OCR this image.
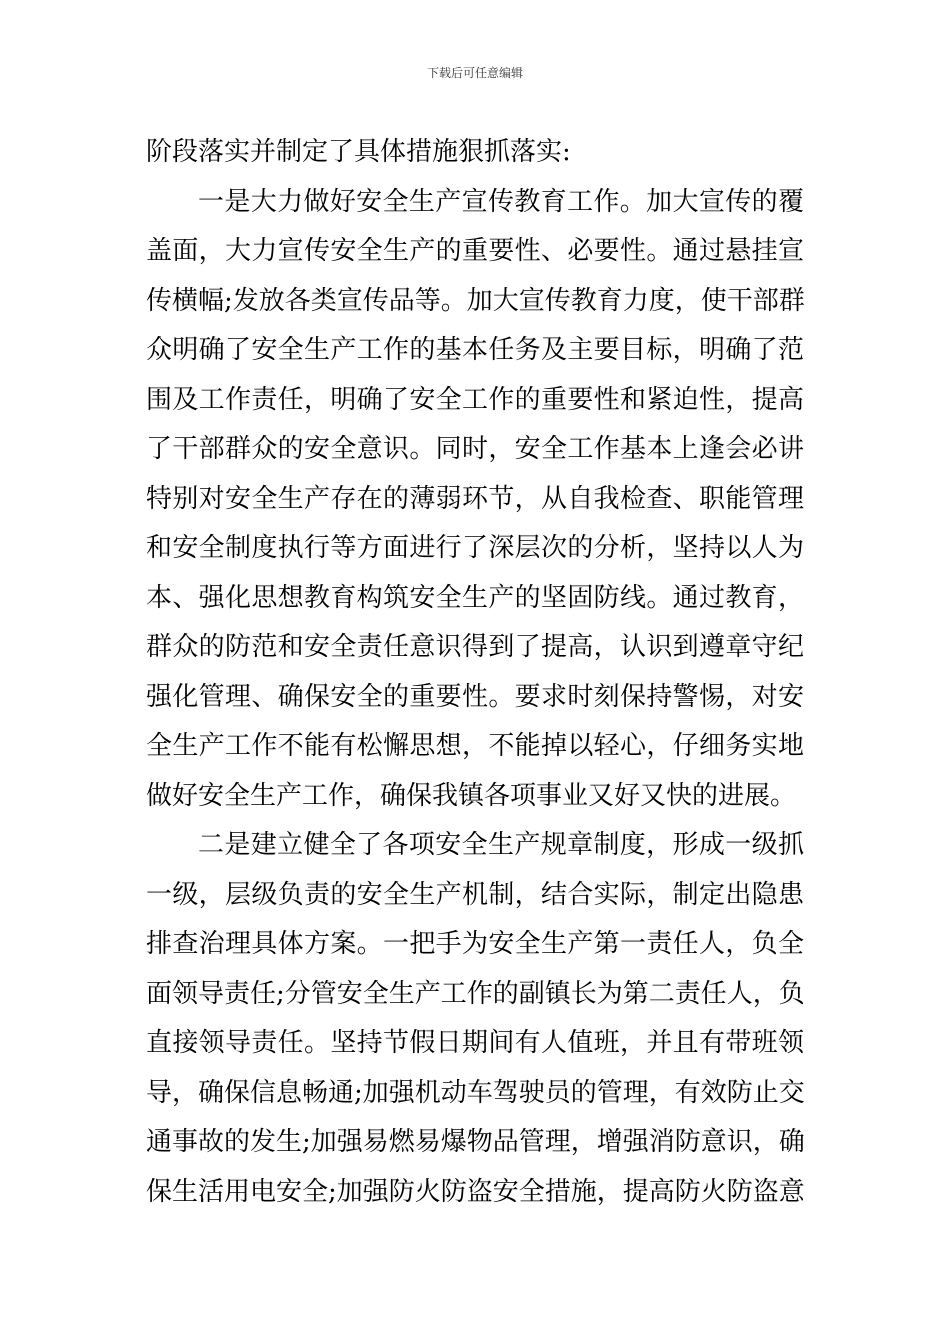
下载后可任意编辑
阶段落实并制定了具体措施狠抓落实:
一是大力做好安全生产宣传教育工作。加大宣传的覆
盖面，大力宣传安全生产的重要性、必要性。通过悬挂宣
传横幅;发放各类宣传品等。加大宣传教育力度，使干部群
众明确了安全生产工作的基本任务及主要目标，明确了范
围及工作责任，明确了安全工作的重要性和紧迫性，提高
了干部群众的安全意识。同时，安全工作基本上逢会必讲
特别对安全生产存在的薄弱环节，从自我检查、职能管理
和安全制度执行等方面进行了深层次的分析，坚持以人为
本、强化思想教育构筑安全生产的坚固防线。通过教育，
群众的防范和安全责任意识得到了提高，认识到遵章守纪
强化管理、确保安全的重要性。要求时刻保持警惕，对安
全生产工作不能有松懈思想，不能掉以轻心，仔细务实地
做好安全生产工作，确保我镇各项事业又好又快的进展。
二是建立健全了各项安全生产规章制度，形成一级抓
一级，层级负责的安全生产机制，结合实际，制定出隐患
排查治理具体方案。一把手为安全生产第一责任人，负全
面领导责任;分管安全生产工作的副镇长为第二责任人，负
直接领导责任。坚持节假日期间有人值班，并且有带班领
导，确保信息畅通;加强机动车驾驶员的管理，有效防止交
通事故的发生;加强易燃易爆物品管理，增强消防意识，确
保生活用电安全;加强防火防盗安全措施，提高防火防盗意
